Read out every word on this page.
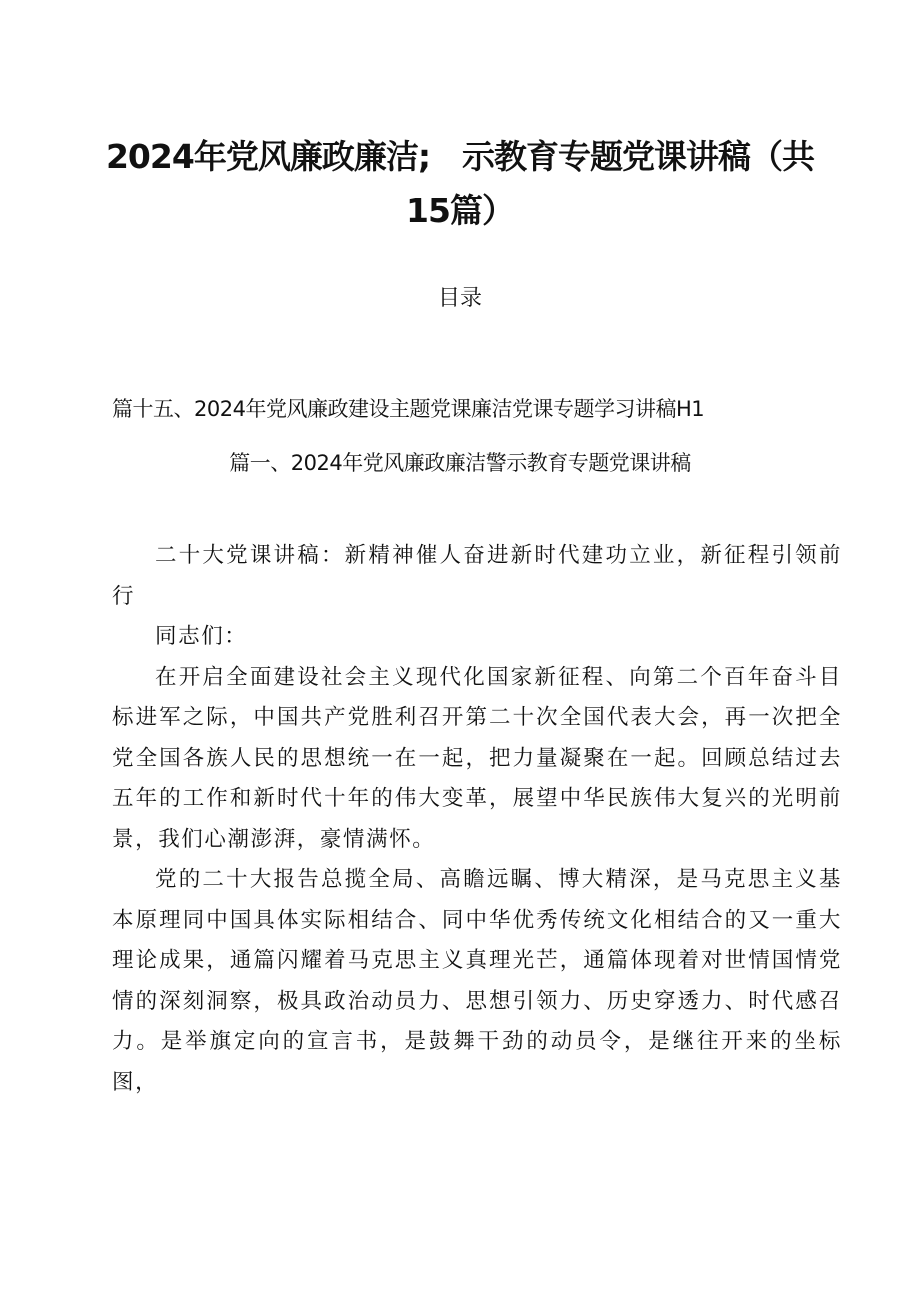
2024年党风廉政廉洁;　示教育专题党课讲稿（共
15篇）
目录
篇十五、2024年党风廉政建设主题党课廉洁党课专题学习讲稿H1
篇一、2024年党风廉政廉洁警示教育专题党课讲稿

二十大党课讲稿：新精神催人奋进新时代建功立业，新征程引领前行

同志们：

在开启全面建设社会主义现代化国家新征程、向第二个百年奋斗目标进军之际，中国共产党胜利召开第二十次全国代表大会，再一次把全党全国各族人民的思想统一在一起，把力量凝聚在一起。回顾总结过去五年的工作和新时代十年的伟大变革，展望中华民族伟大复兴的光明前景，我们心潮澎湃，豪情满怀。

党的二十大报告总揽全局、高瞻远瞩、博大精深，是马克思主义基本原理同中国具体实际相结合、同中华优秀传统文化相结合的又一重大理论成果，通篇闪耀着马克思主义真理光芒，通篇体现着对世情国情党情的深刻洞察，极具政治动员力、思想引领力、历史穿透力、时代感召力。是举旗定向的宣言书，是鼓舞干劲的动员令，是继往开来的坐标图，
